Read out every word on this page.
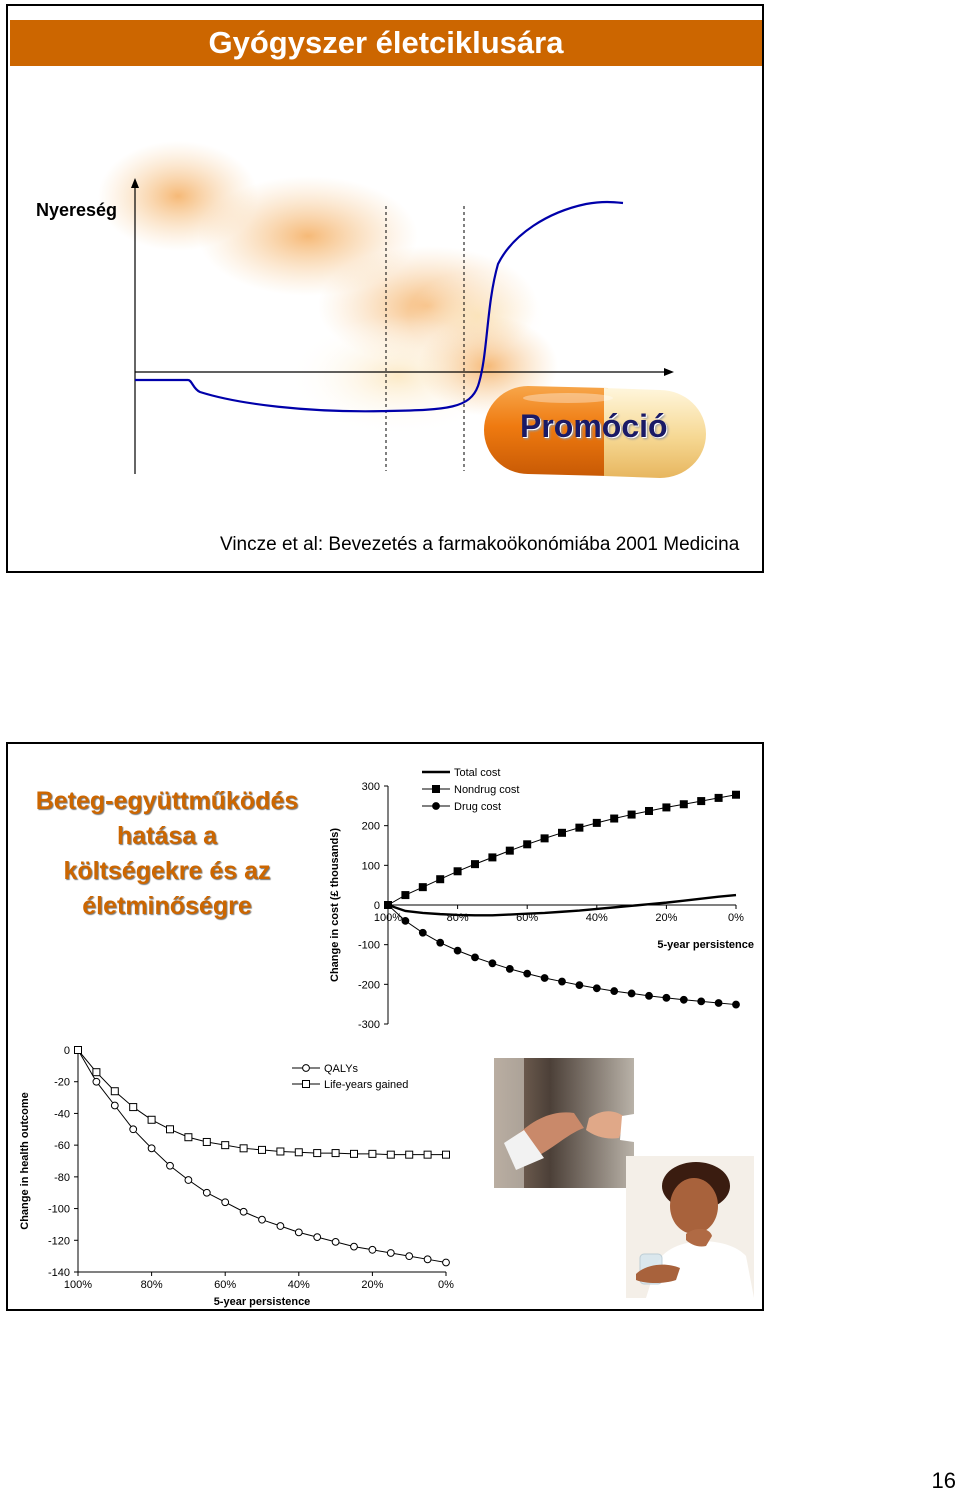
Gyógyszer életciklusára
Nyereség
Promóció
Vincze et al: Bevezetés a farmakoökonómiába 2001 Medicina
Beteg-együttműködés
hatása a
költségekre és az
életminőségre
300
200
100
0
-100
-200
-300
100%	80%	60%	40%	20%	0%
Change in cost (£ thousands)	5-year persistence
Total cost
Nondrug cost
Drug cost
0
-20
-40
-60
-80
-100
-120
-140
100%	80%	60%	40%	20%	0%
Change in health outcome
5-year persistence
QALYs
Life-years gained
16
